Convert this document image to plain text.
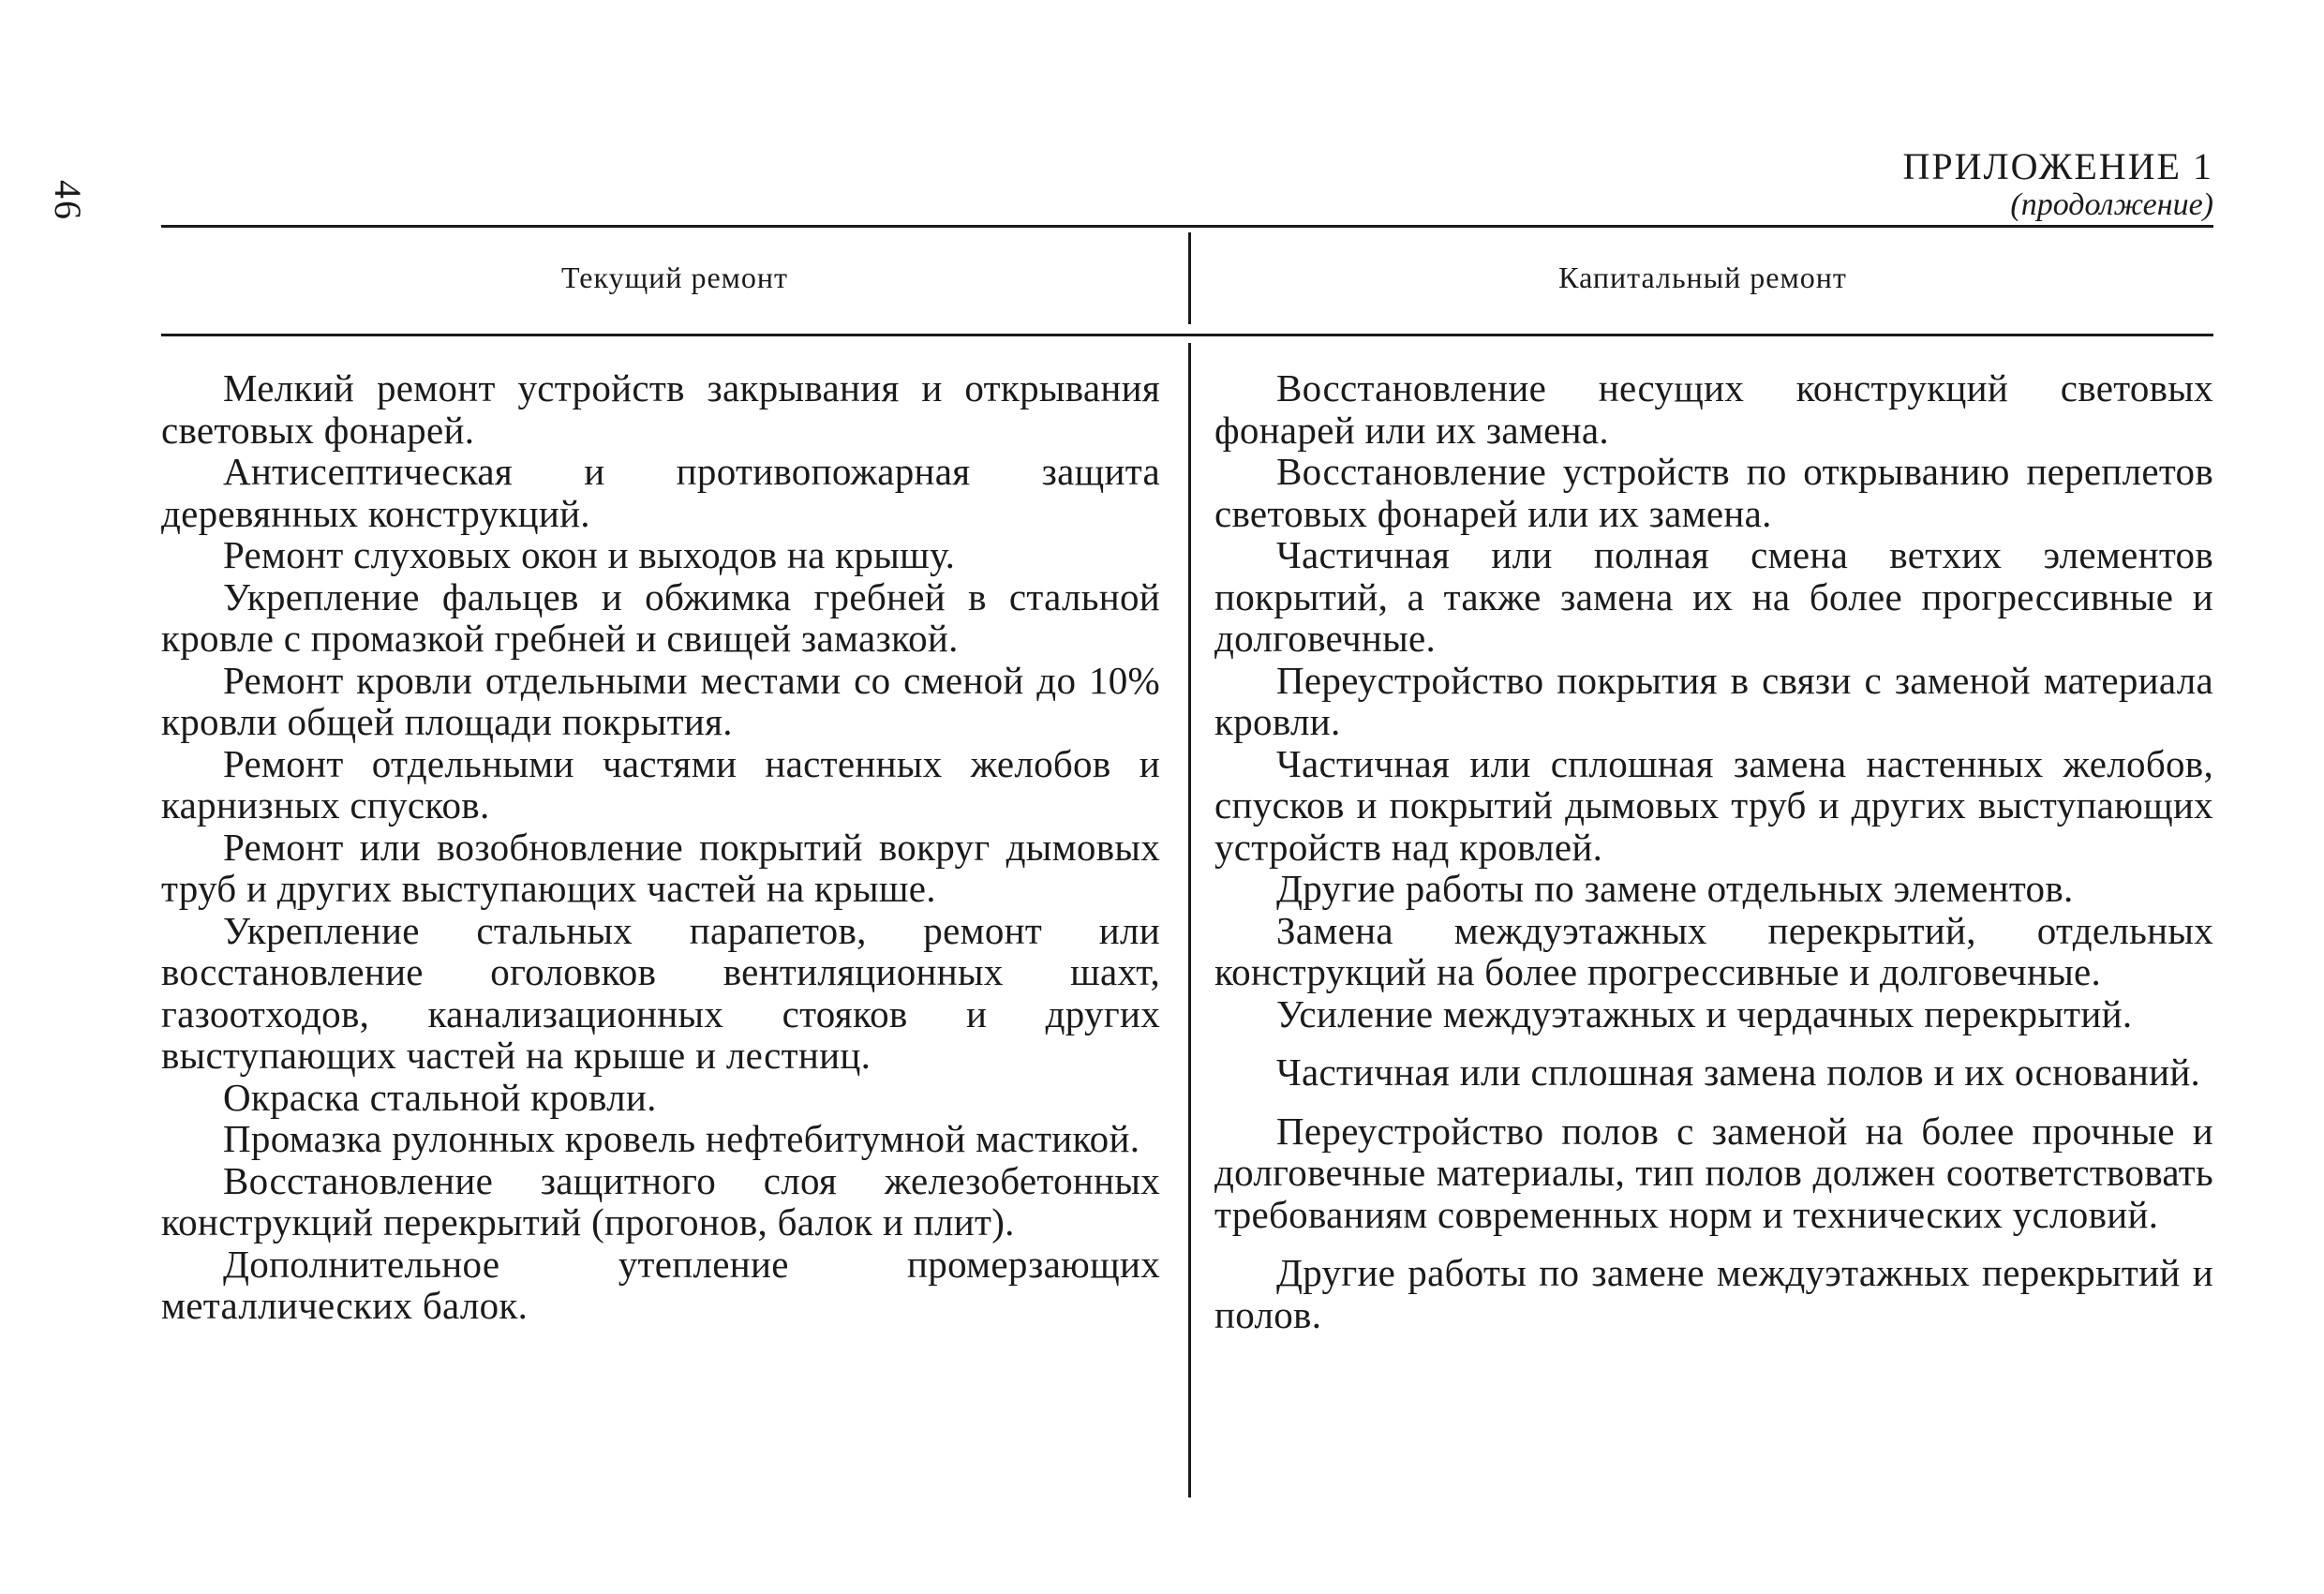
46
ПРИЛОЖЕНИЕ 1
(продолжение)
Текущий ремонт	Капитальный ремонт

Мелкий ремонт устройств закрывания и открывания световых фонарей.

Антисептическая и противопожарная защита деревянных конструкций.

Ремонт слуховых окон и выходов на крышу.

Укрепление фальцев и обжимка гребней в стальной кровле с промазкой гребней и свищей замазкой.

Ремонт кровли отдельными местами со сменой до 10% кровли общей площади покрытия.

Ремонт отдельными частями настенных желобов и карнизных спусков.

Ремонт или возобновление покрытий вокруг дымовых труб и других выступающих частей на крыше.

Укрепление стальных парапетов, ремонт или восстановление оголовков вентиляционных шахт, газоотходов, канализационных стояков и других выступающих частей на крыше и лестниц.

Окраска стальной кровли.

Промазка рулонных кровель нефтебитумной мастикой.

Восстановление защитного слоя железобетонных конструкций перекрытий (прогонов, балок и плит).

Дополнительное утепление промерзающих металлических балок.

Восстановление несущих конструкций световых фонарей или их замена.

Восстановление устройств по открыванию переплетов световых фонарей или их замена.

Частичная или полная смена ветхих элементов покрытий, а также замена их на более прогрессивные и долговечные.

Переустройство покрытия в связи с заменой материала кровли.

Частичная или сплошная замена настенных желобов, спусков и покрытий дымовых труб и других выступающих устройств над кровлей.

Другие работы по замене отдельных элементов.

Замена междуэтажных перекрытий, отдельных конструкций на более прогрессивные и долговечные.

Усиление междуэтажных и чердачных перекрытий.

Частичная или сплошная замена полов и их оснований.

Переустройство полов с заменой на более прочные и долговечные материалы, тип полов должен соответствовать требованиям современных норм и технических условий.

Другие работы по замене междуэтажных перекрытий и полов.
